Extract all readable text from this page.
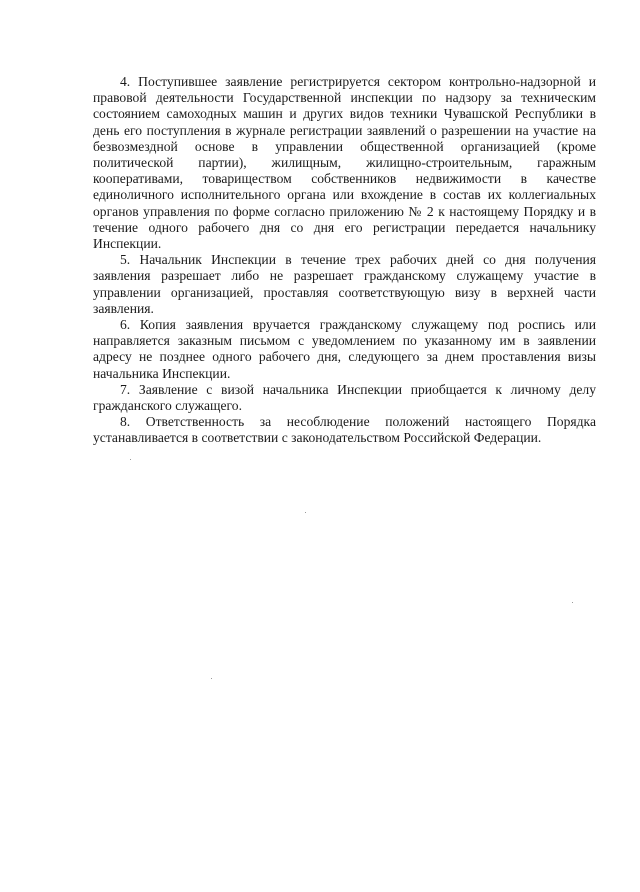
4. Поступившее заявление регистрируется сектором контрольно-надзорной и правовой деятельности Государственной инспекции по надзору за техническим состоянием самоходных машин и других видов техники Чувашской Республики в день его поступления в журнале регистрации заявлений о разрешении на участие на безвозмездной основе в управлении общественной организацией (кроме политической партии), жилищным, жилищно-строительным, гаражным кооперативами, товариществом собственников недвижимости в качестве единоличного исполнительного органа или вхождение в состав их коллегиальных органов управления по форме согласно приложению № 2 к настоящему Порядку и в течение одного рабочего дня со дня его регистрации передается начальнику Инспекции.

5. Начальник Инспекции в течение трех рабочих дней со дня получения заявления разрешает либо не разрешает гражданскому служащему участие в управлении организацией, проставляя соответствующую визу в верхней части заявления.

6. Копия заявления вручается гражданскому служащему под роспись или направляется заказным письмом с уведомлением по указанному им в заявлении адресу не позднее одного рабочего дня, следующего за днем проставления визы начальника Инспекции.

7. Заявление с визой начальника Инспекции приобщается к личному делу гражданского служащего.

8. Ответственность за несоблюдение положений настоящего Порядка устанавливается в соответствии с законодательством Российской Федерации.
